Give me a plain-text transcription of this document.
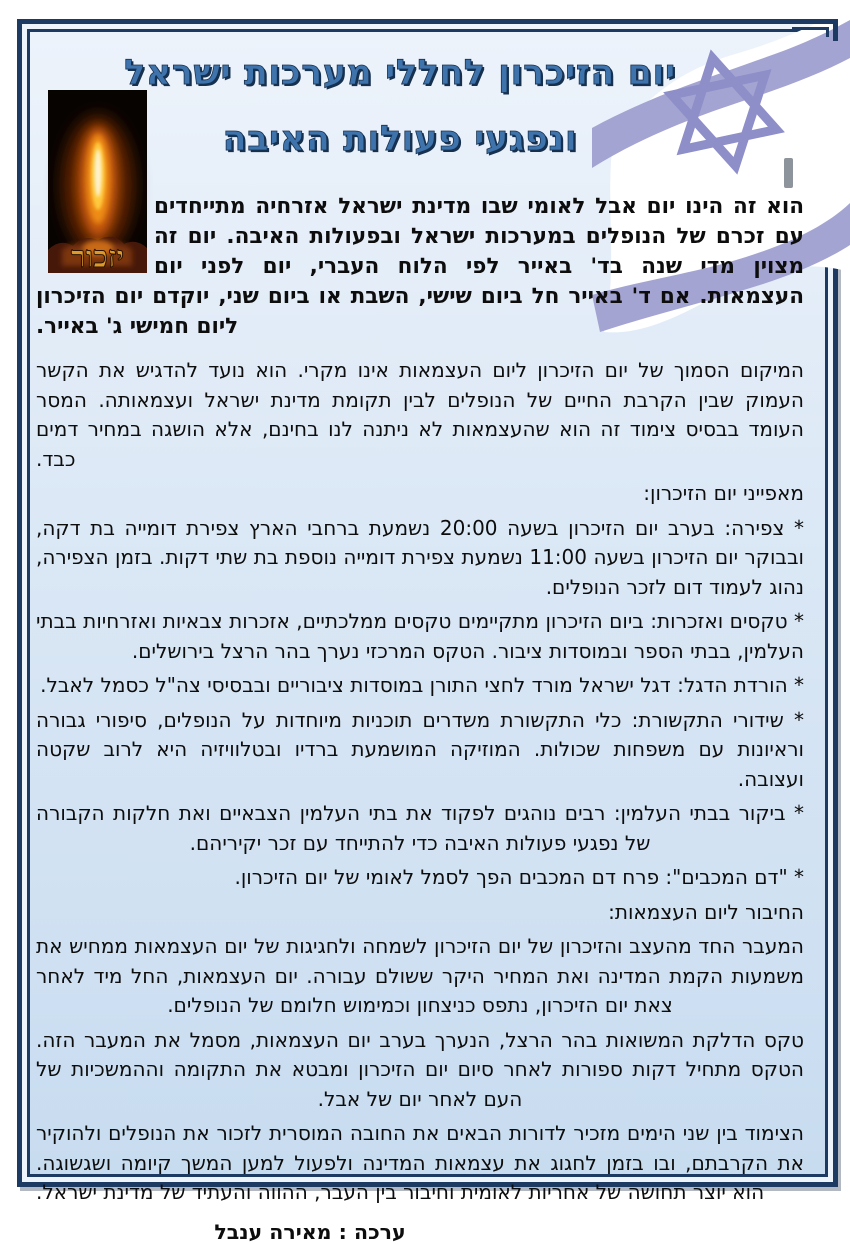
יזכור
יום הזיכרון לחללי מערכות ישראל
ונפגעי פעולות האיבה

הוא זה הינו יום אבל לאומי שבו מדינת ישראל אזרחיה מתייחדים עם זכרם של הנופלים במערכות ישראל ובפעולות האיבה. יום זה מצוין מדי שנה בד' באייר לפי הלוח העברי, יום לפני יום העצמאות. אם ד' באייר חל ביום שישי, השבת או ביום שני, יוקדם יום הזיכרון ליום חמישי ג' באייר.

המיקום הסמוך של יום הזיכרון ליום העצמאות אינו מקרי. הוא נועד להדגיש את הקשר העמוק שבין הקרבת החיים של הנופלים לבין תקומת מדינת ישראל ועצמאותה. המסר העומד בבסיס צימוד זה הוא שהעצמאות לא ניתנה לנו בחינם, אלא הושגה במחיר דמים כבד.

מאפייני יום הזיכרון:

* צפירה: בערב יום הזיכרון בשעה 20:00 נשמעת ברחבי הארץ צפירת דומייה בת דקה, ובבוקר יום הזיכרון בשעה 11:00 נשמעת צפירת דומייה נוספת בת שתי דקות. בזמן הצפירה, נהוג לעמוד דום לזכר הנופלים.

* טקסים ואזכרות: ביום הזיכרון מתקיימים טקסים ממלכתיים, אזכרות צבאיות ואזרחיות בבתי העלמין, בבתי הספר ובמוסדות ציבור. הטקס המרכזי נערך בהר הרצל בירושלים.

* הורדת הדגל: דגל ישראל מורד לחצי התורן במוסדות ציבוריים ובבסיסי צה"ל כסמל לאבל.

* שידורי התקשורת: כלי התקשורת משדרים תוכניות מיוחדות על הנופלים, סיפורי גבורה וראיונות עם משפחות שכולות. המוזיקה המושמעת ברדיו ובטלוויזיה היא לרוב שקטה ועצובה.

* ביקור בבתי העלמין: רבים נוהגים לפקוד את בתי העלמין הצבאיים ואת חלקות הקבורה של נפגעי פעולות האיבה כדי להתייחד עם זכר יקיריהם.

* "דם המכבים": פרח דם המכבים הפך לסמל לאומי של יום הזיכרון.

החיבור ליום העצמאות:

המעבר החד מהעצב והזיכרון של יום הזיכרון לשמחה ולחגיגות של יום העצמאות ממחיש את משמעות הקמת המדינה ואת המחיר היקר ששולם עבורה. יום העצמאות, החל מיד לאחר צאת יום הזיכרון, נתפס כניצחון וכמימוש חלומם של הנופלים.

טקס הדלקת המשואות בהר הרצל, הנערך בערב יום העצמאות, מסמל את המעבר הזה. הטקס מתחיל דקות ספורות לאחר סיום יום הזיכרון ומבטא את התקומה וההמשכיות של העם לאחר יום של אבל.

הצימוד בין שני הימים מזכיר לדורות הבאים את החובה המוסרית לזכור את הנופלים ולהוקיר את הקרבתם, ובו בזמן לחגוג את עצמאות המדינה ולפעול למען המשך קיומה ושגשוגה. הוא יוצר תחושה של אחריות לאומית וחיבור בין העבר, ההווה והעתיד של מדינת ישראל.

ערכה : מאירה ענבל
